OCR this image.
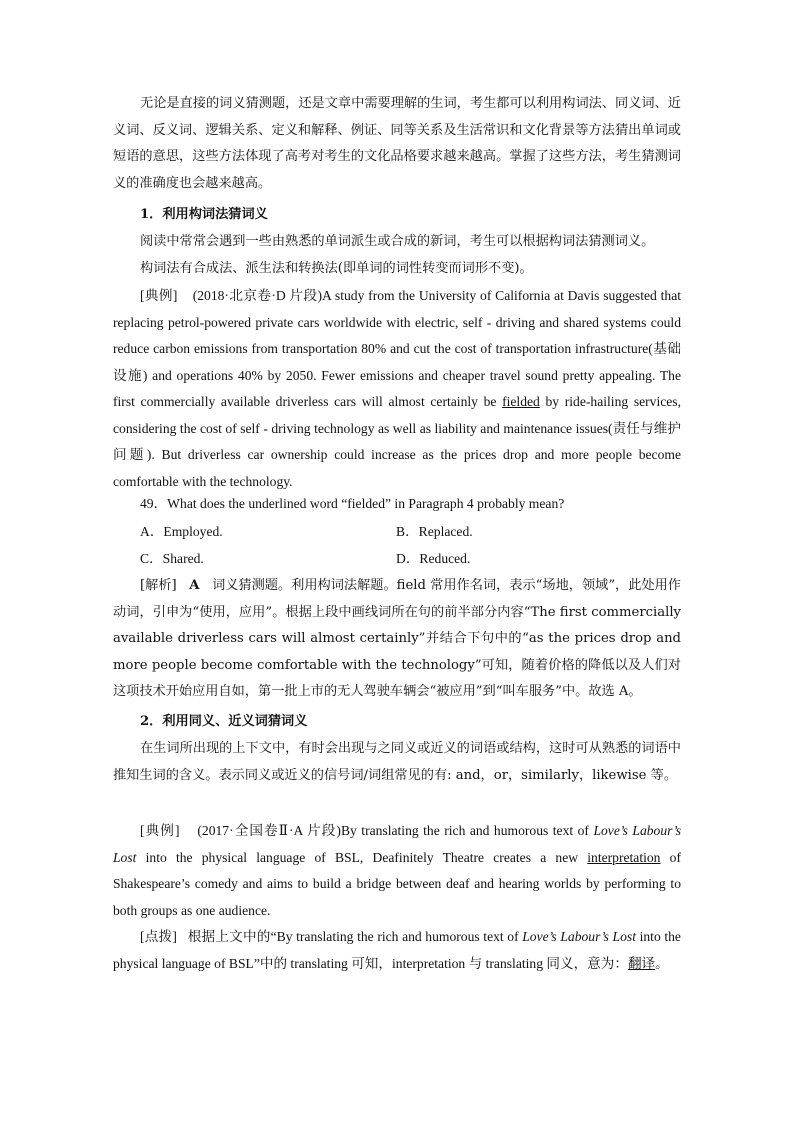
无论是直接的词义猜测题，还是文章中需要理解的生词，考生都可以利用构词法、同义词、近义词、反义词、逻辑关系、定义和解释、例证、同等关系及生活常识和文化背景等方法猜出单词或短语的意思，这些方法体现了高考对考生的文化品格要求越来越高。掌握了这些方法，考生猜测词义的准确度也会越来越高。

1．利用构词法猜词义

阅读中常常会遇到一些由熟悉的单词派生或合成的新词，考生可以根据构词法猜测词义。

构词法有合成法、派生法和转换法(即单词的词性转变而词形不变)。

[典例] (2018·北京卷·D 片段)A study from the University of California at Davis suggested that replacing petrol-powered private cars worldwide with electric, self - driving and shared systems could reduce carbon emissions from transportation 80% and cut the cost of transportation infrastructure(基础设施) and operations 40% by 2050. Fewer emissions and cheaper travel sound pretty appealing. The first commercially available driverless cars will almost certainly be fielded by ride-hailing services, considering the cost of self - driving technology as well as liability and maintenance issues(责任与维护问题). But driverless car ownership could increase as the prices drop and more people become comfortable with the technology.

49．What does the underlined word “fielded” in Paragraph 4 probably mean?

A．Employed.	B．Replaced.
C．Shared.	D．Reduced.

[解析] A 词义猜测题。利用构词法解题。field 常用作名词，表示“场地，领域”，此处用作动词，引申为“使用，应用”。根据上段中画线词所在句的前半部分内容“The first commercially available driverless cars will almost certainly”并结合下句中的“as the prices drop and more people become comfortable with the technology”可知，随着价格的降低以及人们对这项技术开始应用自如，第一批上市的无人驾驶车辆会“被应用”到“叫车服务”中。故选 A。

2．利用同义、近义词猜词义

在生词所出现的上下文中，有时会出现与之同义或近义的词语或结构，这时可从熟悉的词语中推知生词的含义。表示同义或近义的信号词/词组常见的有: and，or，similarly，likewise 等。

[典例] (2017·全国卷Ⅱ·A 片段)By translating the rich and humorous text of Love’s Labour’s Lost into the physical language of BSL, Deafinitely Theatre creates a new interpretation of Shakespeare’s comedy and aims to build a bridge between deaf and hearing worlds by performing to both groups as one audience.

[点拨] 根据上文中的“By translating the rich and humorous text of Love’s Labour’s Lost into the physical language of BSL”中的 translating 可知，interpretation 与 translating 同义，意为：翻译。
